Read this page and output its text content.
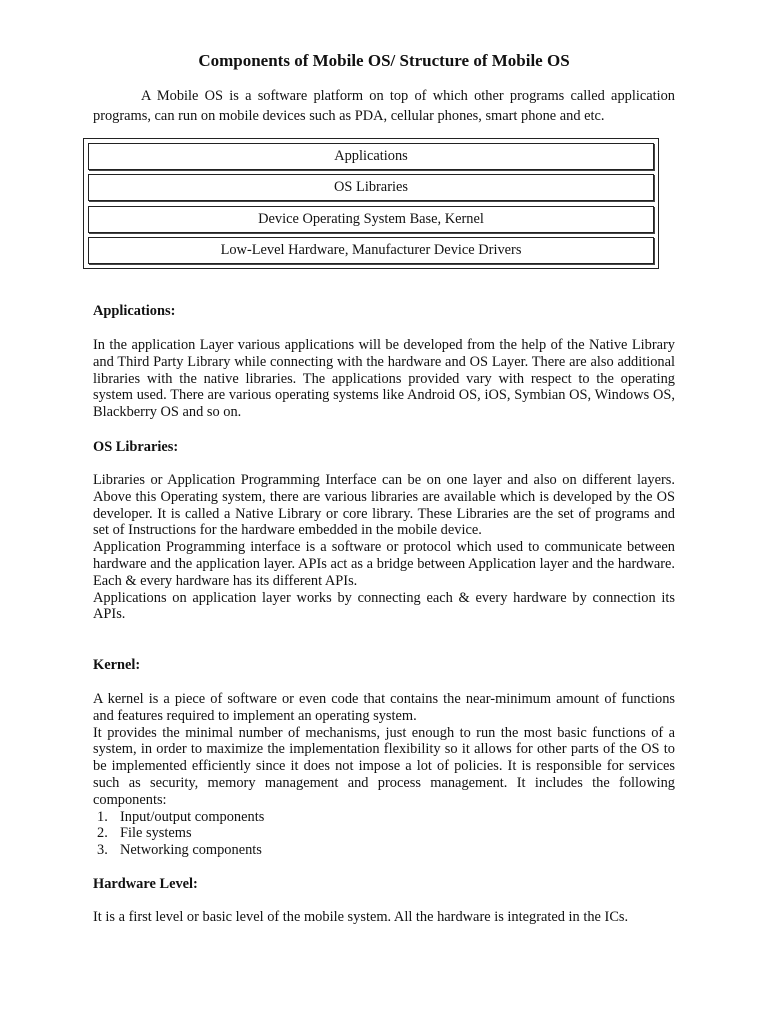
Components of Mobile OS/ Structure of Mobile OS
A Mobile OS is a software platform on top of which other programs called application programs, can run on mobile devices such as PDA, cellular phones, smart phone and etc.
Applications
OS Libraries
Device Operating System Base, Kernel
Low-Level Hardware, Manufacturer Device Drivers
Applications:
In the application Layer various applications will be developed from the help of the Native Library and Third Party Library while connecting with the hardware and OS Layer. There are also additional libraries with the native libraries. The applications provided vary with respect to the operating system used. There are various operating systems like Android OS, iOS, Symbian OS, Windows OS, Blackberry OS and so on.
OS Libraries:

Libraries or Application Programming Interface can be on one layer and also on different layers. Above this Operating system, there are various libraries are available which is developed by the OS developer. It is called a Native Library or core library. These Libraries are the set of programs and set of Instructions for the hardware embedded in the mobile device.

Application Programming interface is a software or protocol which used to communicate between hardware and the application layer. APIs act as a bridge between Application layer and the hardware. Each & every hardware has its different APIs.

Applications on application layer works by connecting each & every hardware by connection its APIs.

Kernel:

A kernel is a piece of software or even code that contains the near-minimum amount of functions and features required to implement an operating system.

It provides the minimal number of mechanisms, just enough to run the most basic functions of a system, in order to maximize the implementation flexibility so it allows for other parts of the OS to be implemented efficiently since it does not impose a lot of policies. It is responsible for services such as security, memory management and process management. It includes the following components:

1. Input/output components
2. File systems
3. Networking components
Hardware Level:
It is a first level or basic level of the mobile system. All the hardware is integrated in the ICs.
